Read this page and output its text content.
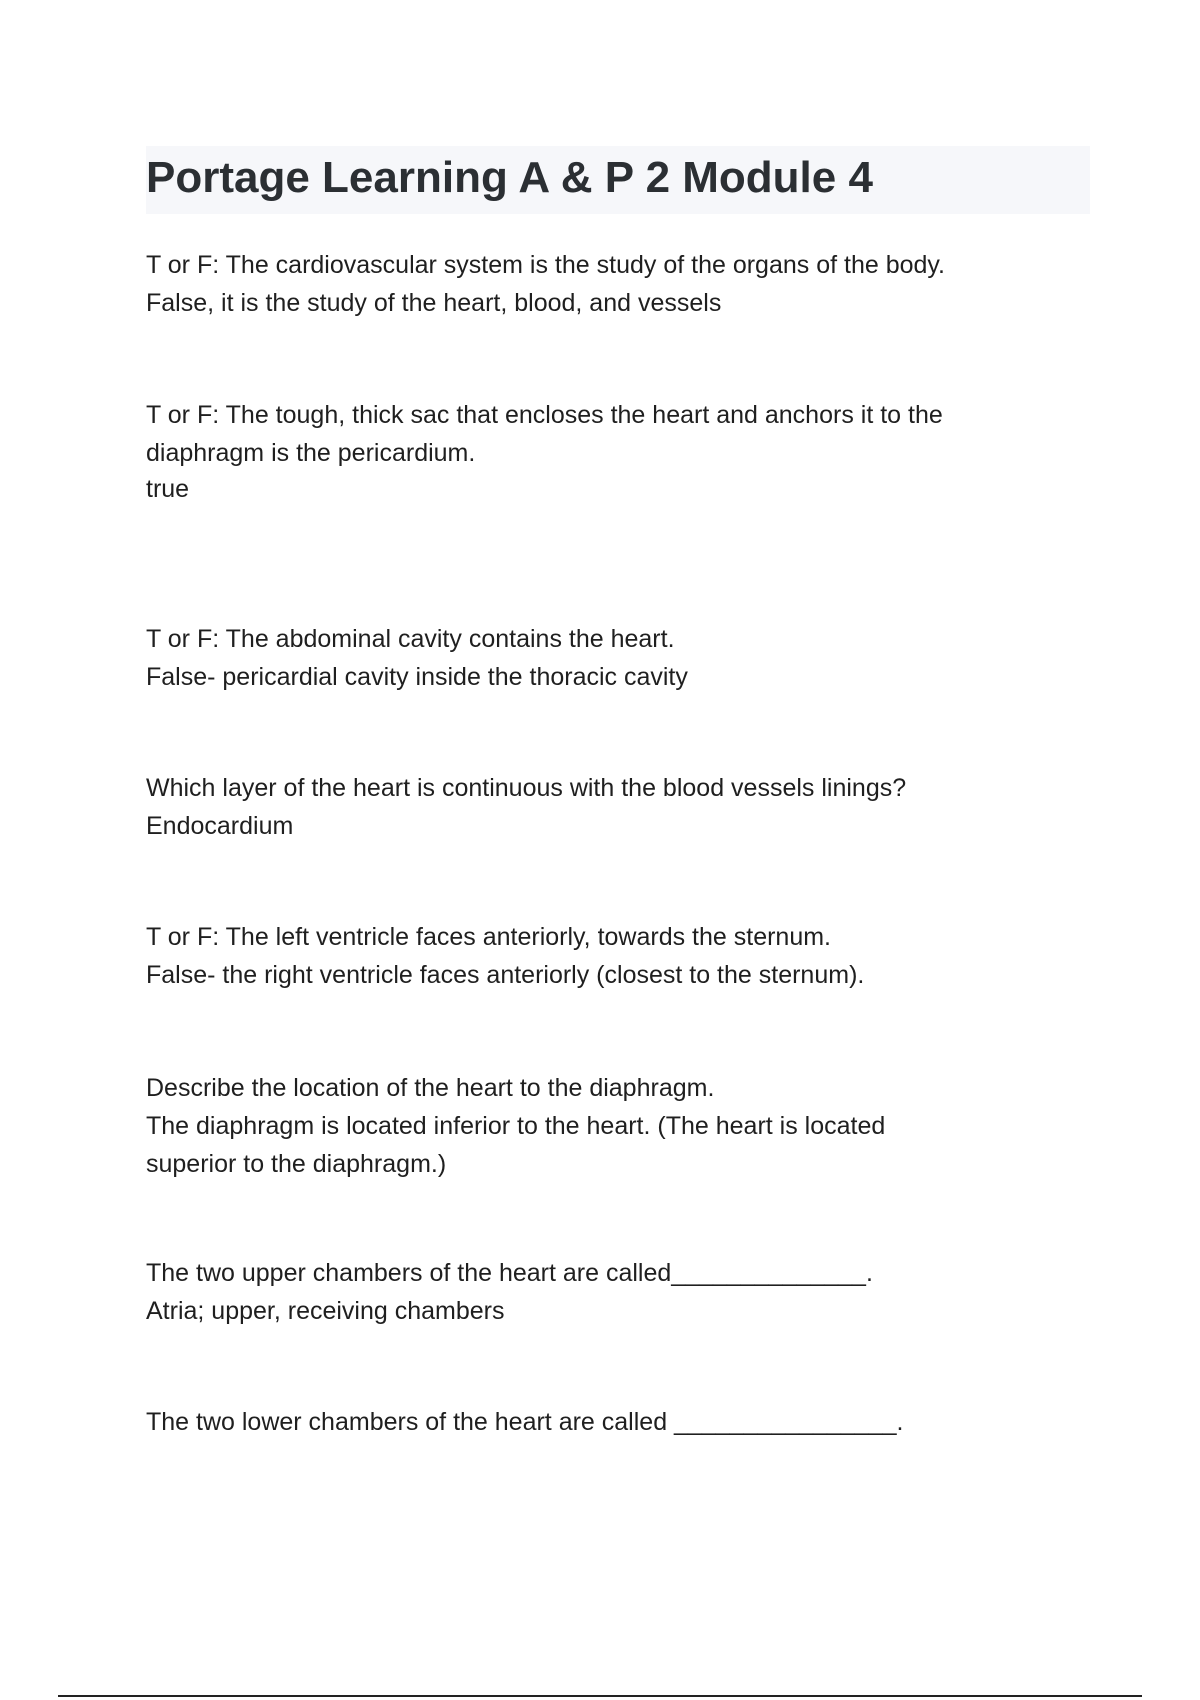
Portage Learning A & P 2 Module 4

T or F: The cardiovascular system is the study of the organs of the body.

False, it is the study of the heart, blood, and vessels

T or F: The tough, thick sac that encloses the heart and anchors it to the

diaphragm is the pericardium.

true

T or F: The abdominal cavity contains the heart.

False- pericardial cavity inside the thoracic cavity

Which layer of the heart is continuous with the blood vessels linings?

Endocardium

T or F: The left ventricle faces anteriorly, towards the sternum.

False- the right ventricle faces anteriorly (closest to the sternum).

Describe the location of the heart to the diaphragm.

The diaphragm is located inferior to the heart. (The heart is located

superior to the diaphragm.)

The two upper chambers of the heart are called______________.

Atria; upper, receiving chambers

The two lower chambers of the heart are called ________________.
